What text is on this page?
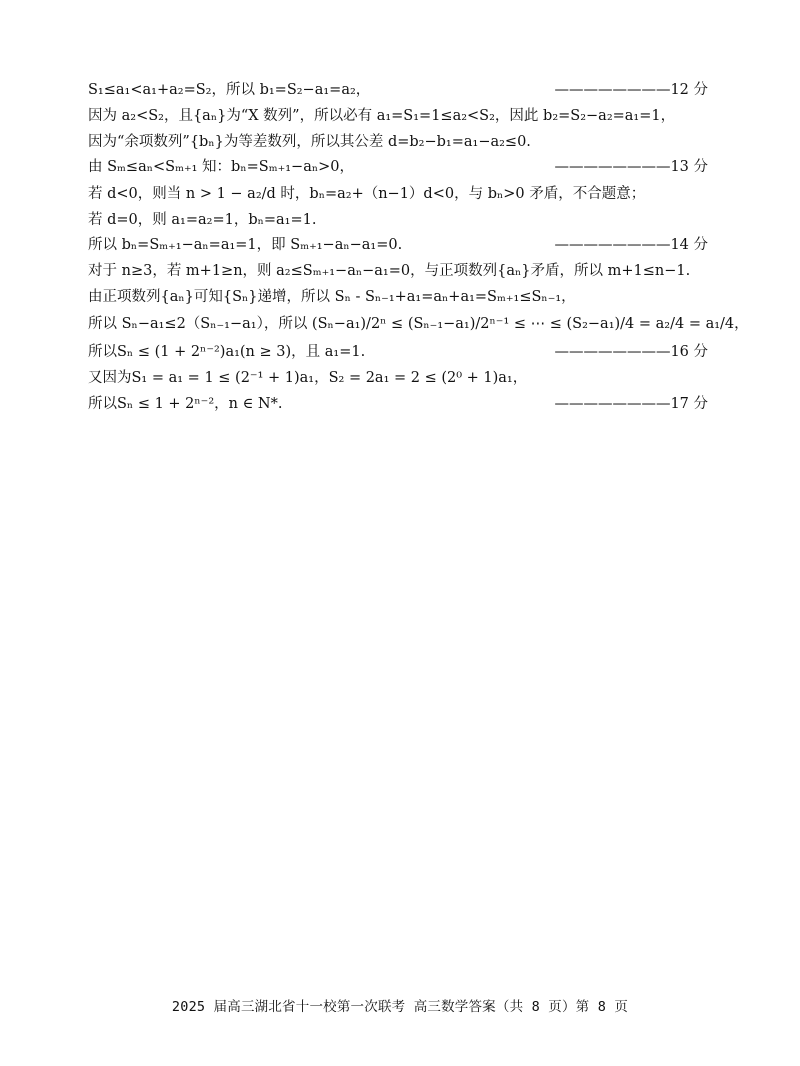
S₁≤a₁<a₁+a₂=S₂，所以 b₁=S₂−a₁=a₂，	————————12 分
因为 a₂<S₂，且{aₙ}为“X 数列”，所以必有 a₁=S₁=1≤a₂<S₂，因此 b₂=S₂−a₂=a₁=1，
因为“余项数列”{bₙ}为等差数列，所以其公差 d=b₂−b₁=a₁−a₂≤0.
由 Sₘ≤aₙ<Sₘ₊₁ 知：bₙ=Sₘ₊₁−aₙ>0，	————————13 分
若 d<0，则当 n > 1 − a₂/d 时，bₙ=a₂+（n−1）d<0，与 bₙ>0 矛盾，不合题意；
若 d=0，则 a₁=a₂=1，bₙ=a₁=1.
所以 bₙ=Sₘ₊₁−aₙ=a₁=1，即 Sₘ₊₁−aₙ−a₁=0.	————————14 分
对于 n≥3，若 m+1≥n，则 a₂≤Sₘ₊₁−aₙ−a₁=0，与正项数列{aₙ}矛盾，所以 m+1≤n−1.
由正项数列{aₙ}可知{Sₙ}递增，所以 Sₙ - Sₙ₋₁+a₁=aₙ+a₁=Sₘ₊₁≤Sₙ₋₁，
所以 Sₙ−a₁≤2（Sₙ₋₁−a₁），所以 (Sₙ−a₁)/2ⁿ ≤ (Sₙ₋₁−a₁)/2ⁿ⁻¹ ≤ ⋯ ≤ (S₂−a₁)/4 = a₂/4 = a₁/4，
所以Sₙ ≤ (1 + 2ⁿ⁻²)a₁(n ≥ 3)，且 a₁=1.	————————16 分
又因为S₁ = a₁ = 1 ≤ (2⁻¹ + 1)a₁，S₂ = 2a₁ = 2 ≤ (2⁰ + 1)a₁，
所以Sₙ ≤ 1 + 2ⁿ⁻²，n ∈ N*.	————————17 分
2025 届高三湖北省十一校第一次联考 高三数学答案（共 8 页）第 8 页
